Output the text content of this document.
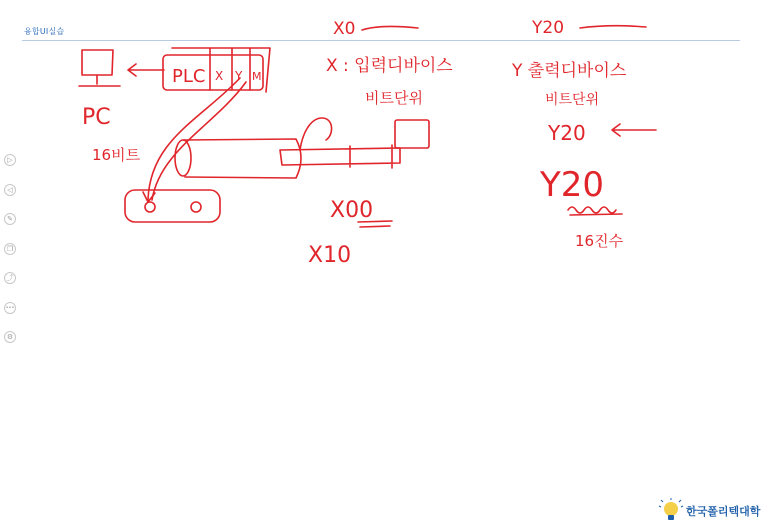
융합UI실습
▷
◁
✎
❐
⤴
•••
⚙
X0	Y20
PC
PLC X Y M
16비트
X00
X10
X : 입력디바이스
비트단위
Y 출력디바이스
비트단위
Y20
Y20
16진수
한국폴리텍대학
